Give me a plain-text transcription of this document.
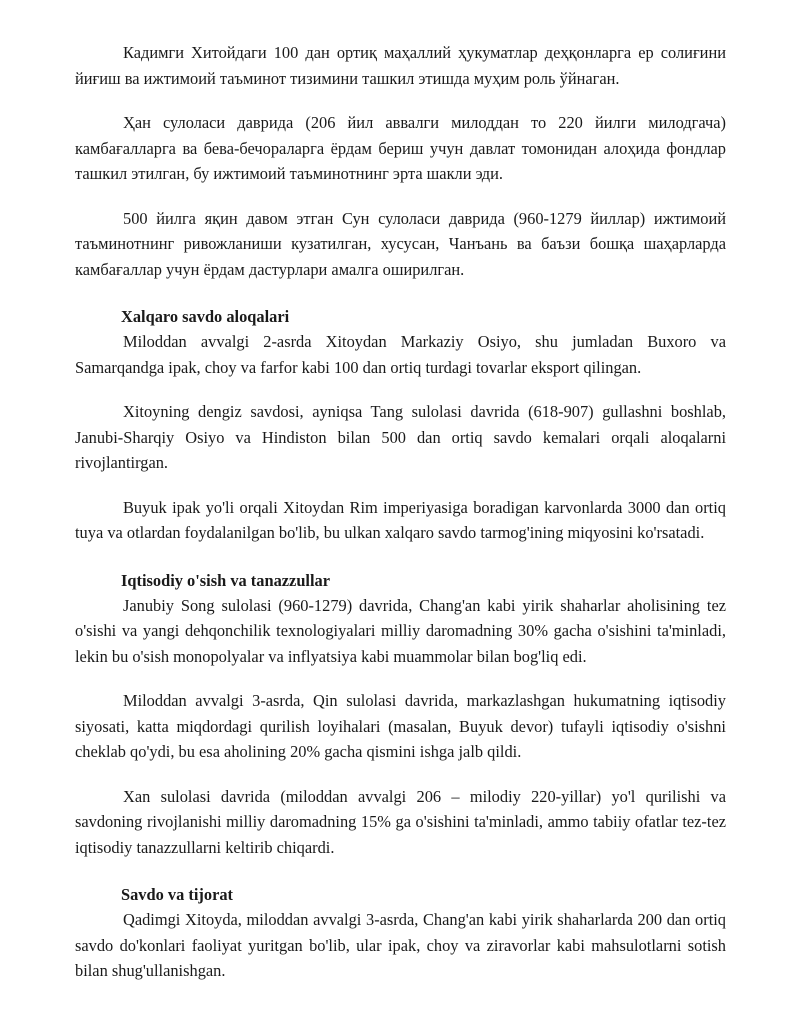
Кадимги Хитойдаги 100 дан ортиқ маҳаллий ҳукуматлар деҳқонларга ер солиғини йиғиш ва ижтимоий таъминот тизимини ташкил этишда муҳим роль ўйнаган.

Ҳан сулоласи даврида (206 йил аввалги милоддан то 220 йилги милодгача) камбағалларга ва бева-бечораларга ёрдам бериш учун давлат томонидан алоҳида фондлар ташкил этилган, бу ижтимоий таъминотнинг эрта шакли эди.

500 йилга яқин давом этган Сун сулоласи даврида (960-1279 йиллар) ижтимоий таъминотнинг ривожланиши кузатилган, хусусан, Чанъань ва баъзи бошқа шаҳарларда камбағаллар учун ёрдам дастурлари амалга оширилган.

Xalqaro savdo aloqalari

Miloddan avvalgi 2-asrda Xitoydan Markaziy Osiyo, shu jumladan Buxoro va Samarqandga ipak, choy va farfor kabi 100 dan ortiq turdagi tovarlar eksport qilingan.

Xitoyning dengiz savdosi, ayniqsa Tang sulolasi davrida (618-907) gullashni boshlab, Janubi-Sharqiy Osiyo va Hindiston bilan 500 dan ortiq savdo kemalari orqali aloqalarni rivojlantirgan.

Buyuk ipak yo'li orqali Xitoydan Rim imperiyasiga boradigan karvonlarda 3000 dan ortiq tuya va otlardan foydalanilgan bo'lib, bu ulkan xalqaro savdo tarmog'ining miqyosini ko'rsatadi.

Iqtisodiy o'sish va tanazzullar

Janubiy Song sulolasi (960-1279) davrida, Chang'an kabi yirik shaharlar aholisining tez o'sishi va yangi dehqonchilik texnologiyalari milliy daromadning 30% gacha o'sishini ta'minladi, lekin bu o'sish monopolyalar va inflyatsiya kabi muammolar bilan bog'liq edi.

Miloddan avvalgi 3-asrda, Qin sulolasi davrida, markazlashgan hukumatning iqtisodiy siyosati, katta miqdordagi qurilish loyihalari (masalan, Buyuk devor) tufayli iqtisodiy o'sishni cheklab qo'ydi, bu esa aholining 20% gacha qismini ishga jalb qildi.

Xan sulolasi davrida (miloddan avvalgi 206 – milodiy 220-yillar) yo'l qurilishi va savdoning rivojlanishi milliy daromadning 15% ga o'sishini ta'minladi, ammo tabiiy ofatlar tez-tez iqtisodiy tanazzullarni keltirib chiqardi.

Savdo va tijorat

Qadimgi Xitoyda, miloddan avvalgi 3-asrda, Chang'an kabi yirik shaharlarda 200 dan ortiq savdo do'konlari faoliyat yuritgan bo'lib, ular ipak, choy va ziravorlar kabi mahsulotlarni sotish bilan shug'ullanishgan.
